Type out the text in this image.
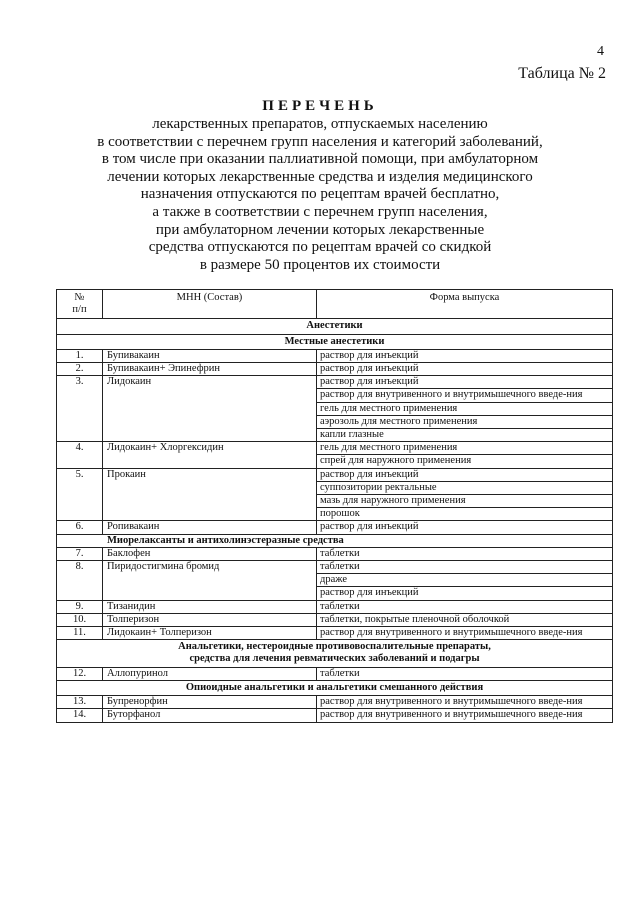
4
Таблица № 2
ПЕРЕЧЕНЬ
лекарственных препаратов, отпускаемых населению
в соответствии с перечнем групп населения и категорий заболеваний,
в том числе при оказании паллиативной помощи, при амбулаторном
лечении которых лекарственные средства и изделия медицинского
назначения отпускаются по рецептам врачей бесплатно,
а также в соответствии с перечнем групп населения,
при амбулаторном лечении которых лекарственные
средства отпускаются по рецептам врачей со скидкой
в размере 50 процентов их стоимости
№
п/п	МНН (Состав)	Форма выпуска
Анестетики		
Местные анестетики		
1.	Бупивакаин	раствор для инъекций
2.	Бупивакаин+ Эпинефрин	раствор для инъекций
3.	Лидокаин	раствор для инъекций
		раствор для внутривенного и внутримышечного введе-ния
		гель для местного применения
		аэрозоль для местного применения
		капли глазные
4.	Лидокаин+ Хлоргексидин	гель для местного применения
		спрей для наружного применения
5.	Прокаин	раствор для инъекций
		суппозитории ректальные
		мазь для наружного применения
		порошок
6.	Ропивакаин	раствор для инъекций
Миорелаксанты и антихолинэстеразные средства		
7.	Баклофен	таблетки
8.	Пиридостигмина бромид	таблетки
		драже
		раствор для инъекций
9.	Тизанидин	таблетки
10.	Толперизон	таблетки, покрытые пленочной оболочкой
11.	Лидокаин+ Толперизон	раствор для внутривенного и внутримышечного введе-ния

Анальгетики, нестероидные противовоспалительные препараты,
средства для лечения ревматических заболеваний и подагры		

12.	Аллопуринол	таблетки
Опиоидные анальгетики и анальгетики смешанного действия		
13.	Бупренорфин	раствор для внутривенного и внутримышечного введе-ния
14.	Буторфанол	раствор для внутривенного и внутримышечного введе-ния
